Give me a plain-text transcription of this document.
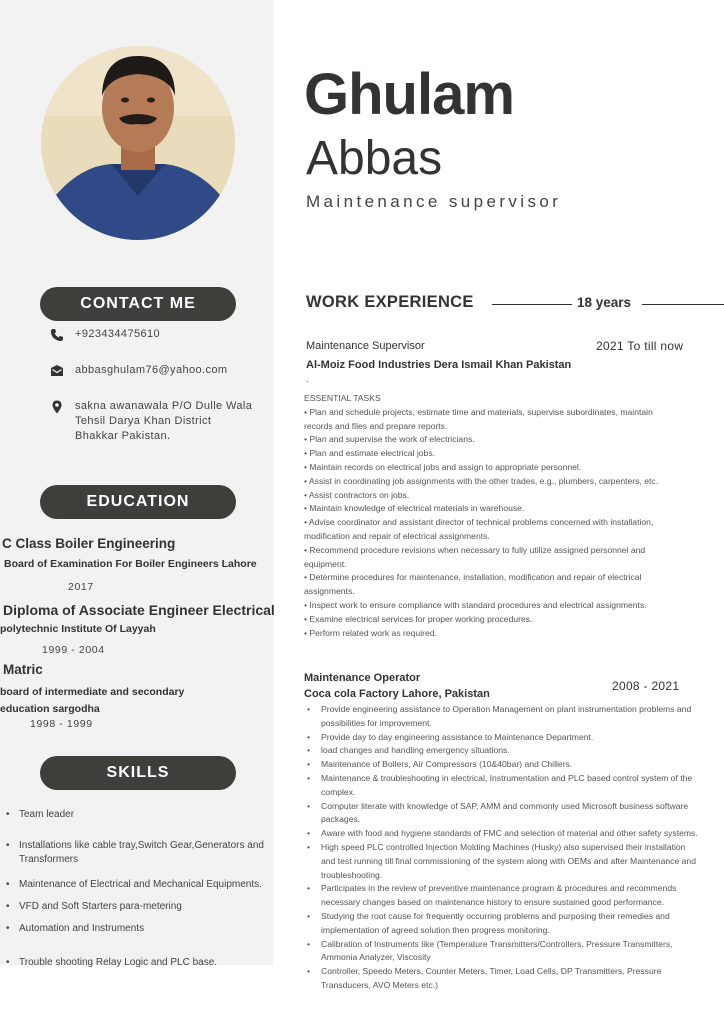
CONTACT ME
+923434475610
abbasghulam76@yahoo.com
sakna awanawala P/O Dulle Wala Tehsil Darya Khan District Bhakkar Pakistan.
EDUCATION
C Class Boiler Engineering
Board of Examination For Boiler Engineers Lahore
2017
Diploma of Associate Engineer Electrical
polytechnic Institute Of Layyah
1999 - 2004
Matric
board of intermediate and secondary education sargodha
1998 - 1999
SKILLS
• Team leader
• Installations like cable tray,Switch Gear,Generators and Transformers
• Maintenance of Electrical and Mechanical Equipments.
• VFD and Soft Starters para-metering
• Automation and Instruments
• Trouble shooting Relay Logic and PLC base.
Ghulam
Abbas
Maintenance supervisor
WORK EXPERIENCE	18 years
Maintenance Supervisor	2021 To till now
Al-Moiz Food Industries Dera Ismail Khan Pakistan
.
ESSENTIAL TASKS
• Plan and schedule projects, estimate time and materials, supervise subordinates, maintain records and files and prepare reports.
• Plan and supervise the work of electricians.
• Plan and estimate electrical jobs.
• Maintain records on electrical jobs and assign to appropriate personnel.
• Assist in coordinating job assignments with the other trades, e.g., plumbers, carpenters, etc.
• Assist contractors on jobs.
• Maintain knowledge of electrical materials in warehouse.
• Advise coordinator and assistant director of technical problems concerned with installation, modification and repair of electrical assignments.
• Recommend procedure revisions when necessary to fully utilize assigned personnel and equipment.
• Determine procedures for maintenance, installation, modification and repair of electrical assignments.
• Inspect work to ensure compliance with standard procedures and electrical assignments.
• Examine electrical services for proper working procedures.
• Perform related work as required.
Maintenance Operator
2008 - 2021
Coca cola Factory Lahore, Pakistan
• Provide engineering assistance to Operation Management on plant instrumentation problems and possibilities for improvement.
• Provide day to day engineering assistance to Maintenance Department.
• load changes and handling emergency situations.
• Maintenance of Boilers, Air Compressors (10&40bar) and Chillers.
• Maintenance & troubleshooting in electrical, Instrumentation and PLC based control system of the complex.
• Computer literate with knowledge of SAP, AMM and commonly used Microsoft business software packages.
• Aware with food and hygiene standards of FMC and selection of material and other safety systems.
• High speed PLC controlled Injection Molding Machines (Husky) also supervised their installation and test running till final commissioning of the system along with OEMs and after Maintenance and troubleshooting.
• Participates in the review of preventive maintenance program & procedures and recommends necessary changes based on maintenance history to ensure sustained good performance.
• Studying the root cause for frequently occurring problems and purposing their remedies and implementation of agreed solution then progress monitoring.
• Calibration of Instruments like (Temperature Transmitters/Controllers, Pressure Transmitters, Ammonia Analyzer, Viscosity
• Controller, Speedo Meters, Counter Meters, Timer, Load Cells, DP Transmitters, Pressure Transducers, AVO Meters etc.)
